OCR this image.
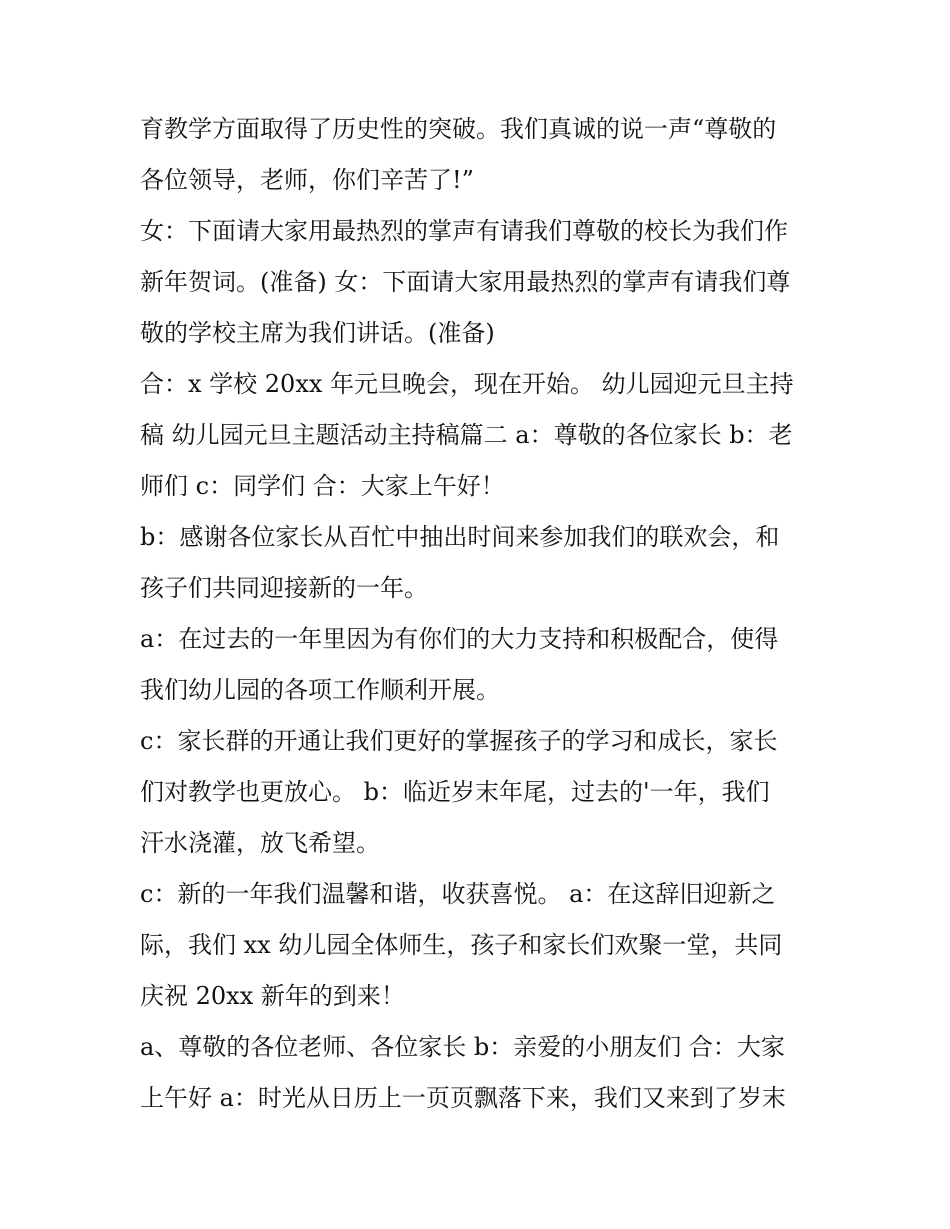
育教学方面取得了历史性的突破。我们真诚的说一声“尊敬的
各位领导，老师，你们辛苦了!”
女：下面请大家用最热烈的掌声有请我们尊敬的校长为我们作
新年贺词。(准备) 女：下面请大家用最热烈的掌声有请我们尊
敬的学校主席为我们讲话。(准备)
合：x 学校 20xx 年元旦晚会，现在开始。 幼儿园迎元旦主持
稿 幼儿园元旦主题活动主持稿篇二 a：尊敬的各位家长 b：老
师们 c：同学们 合：大家上午好！
b：感谢各位家长从百忙中抽出时间来参加我们的联欢会，和
孩子们共同迎接新的一年。
a：在过去的一年里因为有你们的大力支持和积极配合，使得
我们幼儿园的各项工作顺利开展。
c：家长群的开通让我们更好的掌握孩子的学习和成长，家长
们对教学也更放心。 b：临近岁末年尾，过去的'一年，我们
汗水浇灌，放飞希望。
c：新的一年我们温馨和谐，收获喜悦。 a：在这辞旧迎新之
际，我们 xx 幼儿园全体师生，孩子和家长们欢聚一堂，共同
庆祝 20xx 新年的到来！
a、尊敬的各位老师、各位家长 b：亲爱的小朋友们 合：大家
上午好 a：时光从日历上一页页飘落下来，我们又来到了岁末
